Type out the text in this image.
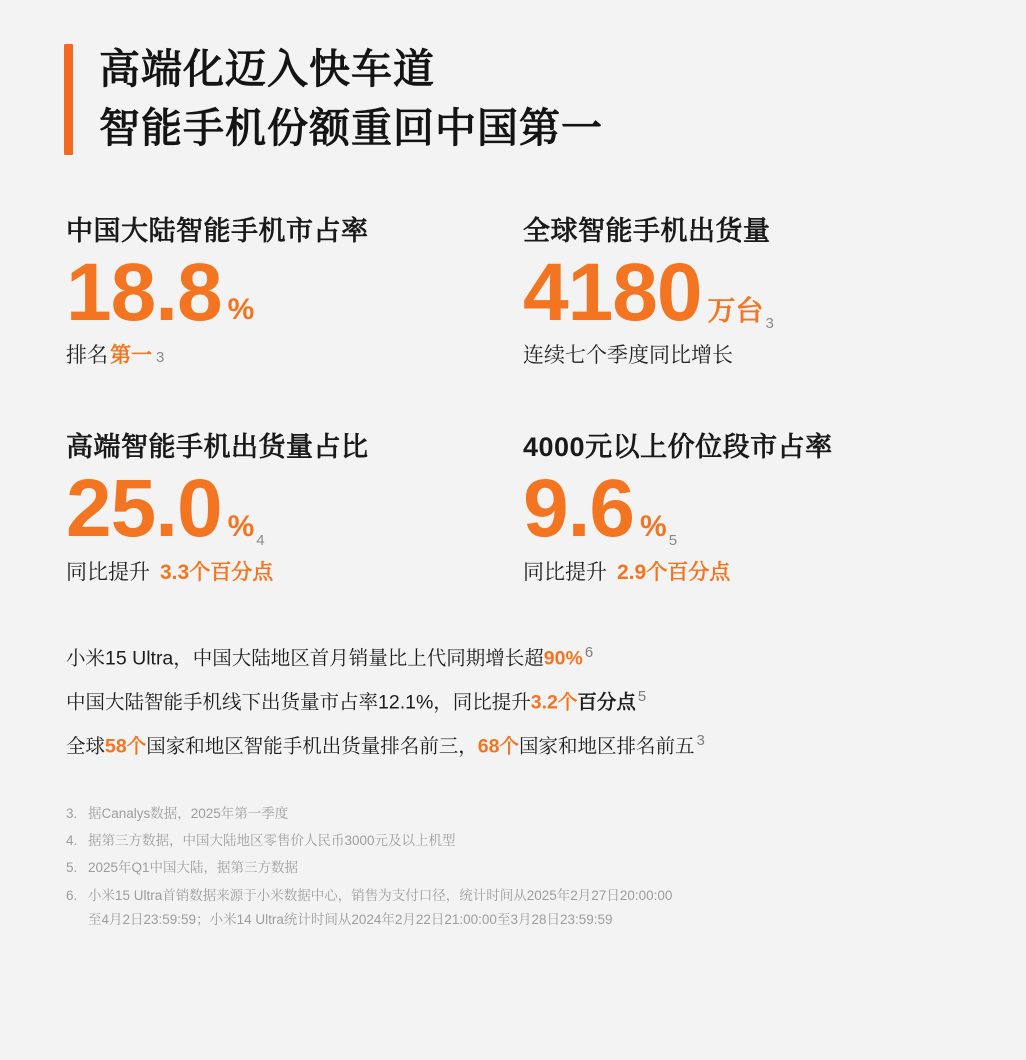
高端化迈入快车道
智能手机份额重回中国第一
中国大陆智能手机市占率
18.8 %
排名 第一 3
全球智能手机出货量
4180 万台 3
连续七个季度同比增长
高端智能手机出货量占比
25.0 % 4
同比提升 3.3个百分点
4000元以上价位段市占率
9.6 % 5
同比提升 2.9个百分点
小米15 Ultra，中国大陆地区首月销量比上代同期增长超90% $^6$
中国大陆智能手机线下出货量市占率12.1%，同比提升3.2个百分点 $^5$
全球58个国家和地区智能手机出货量排名前三，68个国家和地区排名前五 $^3$
3. 据Canalys数据，2025年第一季度
4. 据第三方数据，中国大陆地区零售价人民币3000元及以上机型
5. 2025年Q1中国大陆，据第三方数据
6. 小米15 Ultra首销数据来源于小米数据中心，销售为支付口径，统计时间从2025年2月27日20:00:00
至4月2日23:59:59；小米14 Ultra统计时间从2024年2月22日21:00:00至3月28日23:59:59
